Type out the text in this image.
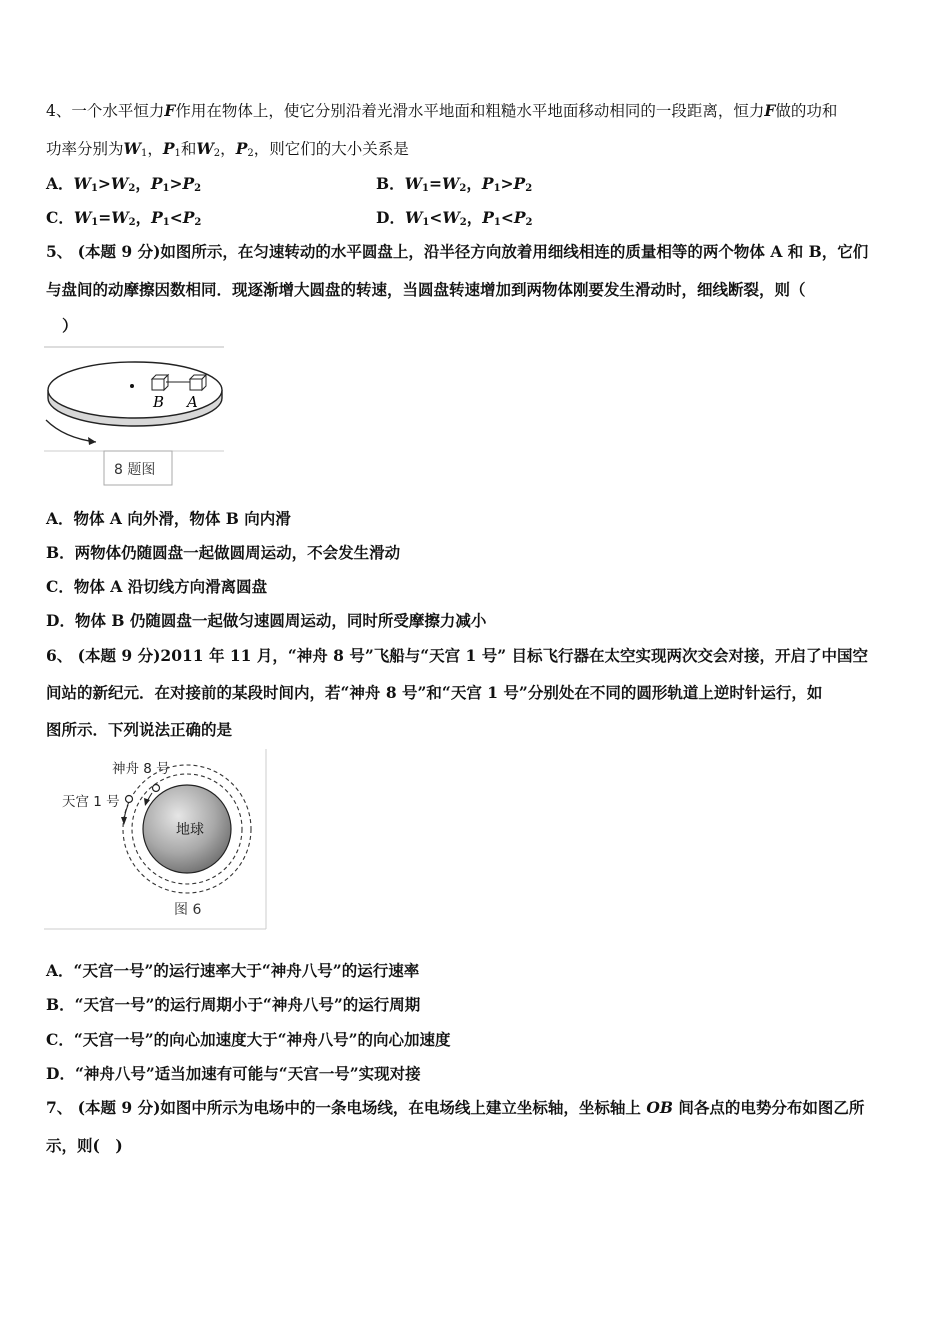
4、一个水平恒力F作用在物体上，使它分别沿着光滑水平地面和粗糙水平地面移动相同的一段距离，恒力F做的功和
功率分别为$W_1$，$P_1$和$W_2$，$P_2$，则它们的大小关系是
A．$W_1>W_2$，$P_1>P_2$	B．$W_1=W_2$，$P_1>P_2$
C．$W_1=W_2$，$P_1<P_2$	D．$W_1<W_2$，$P_1<P_2$
5、 (本题 9 分)如图所示，在匀速转动的水平圆盘上，沿半径方向放着用细线相连的质量相等的两个物体 A 和 B，它们
与盘间的动摩擦因数相同．现逐渐增大圆盘的转速，当圆盘转速增加到两物体刚要发生滑动时，细线断裂，则（
）
B A
8 题图
A．物体 A 向外滑，物体 B 向内滑
B．两物体仍随圆盘一起做圆周运动，不会发生滑动
C．物体 A 沿切线方向滑离圆盘
D．物体 B 仍随圆盘一起做匀速圆周运动，同时所受摩擦力减小
6、 (本题 9 分)2011 年 11 月，“神舟 8 号”飞船与“天宫 1 号” 目标飞行器在太空实现两次交会对接，开启了中国空
间站的新纪元．在对接前的某段时间内，若“神舟 8 号”和“天宫 1 号”分别处在不同的圆形轨道上逆时针运行，如
图所示．下列说法正确的是
地球
神舟 8 号
天宫 1 号
图 6
A．“天宫一号”的运行速率大于“神舟八号”的运行速率
B．“天宫一号”的运行周期小于“神舟八号”的运行周期
C．“天宫一号”的向心加速度大于“神舟八号”的向心加速度
D．“神舟八号”适当加速有可能与“天宫一号”实现对接
7、 (本题 9 分)如图中所示为电场中的一条电场线，在电场线上建立坐标轴，坐标轴上 OB 间各点的电势分布如图乙所
示，则(　)
